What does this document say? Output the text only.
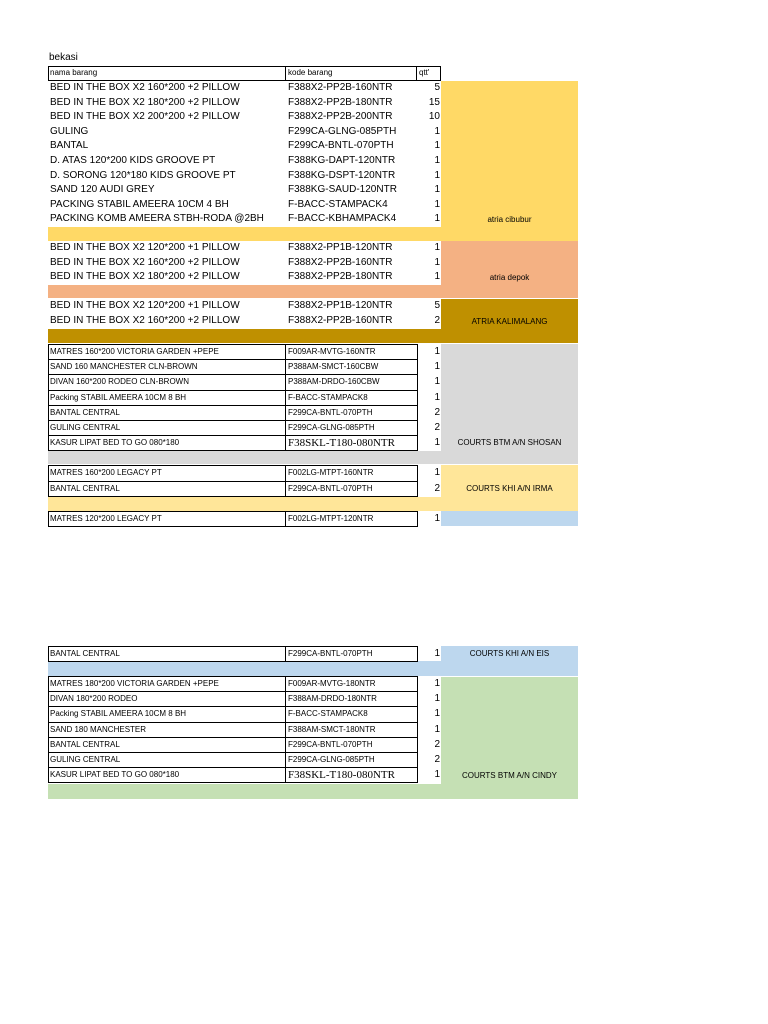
bekasi
nama barang	kode barang	qtt'
BED IN THE BOX X2 160*200 +2 PILLOW	F388X2-PP2B-160NTR	5
BED IN THE BOX X2 180*200 +2 PILLOW	F388X2-PP2B-180NTR	15
BED IN THE BOX X2 200*200 +2 PILLOW	F388X2-PP2B-200NTR	10
GULING	F299CA-GLNG-085PTH	1
BANTAL	F299CA-BNTL-070PTH	1
D. ATAS 120*200 KIDS GROOVE PT	F388KG-DAPT-120NTR	1
D. SORONG 120*180 KIDS GROOVE PT	F388KG-DSPT-120NTR	1
SAND 120 AUDI GREY	F388KG-SAUD-120NTR	1
PACKING STABIL AMEERA 10CM 4 BH	F-BACC-STAMPACK4	1
PACKING KOMB AMEERA STBH-RODA @2BH	F-BACC-KBHAMPACK4	1	atria cibubur
BED IN THE BOX X2 120*200 +1 PILLOW	F388X2-PP1B-120NTR	1
BED IN THE BOX X2 160*200 +2 PILLOW	F388X2-PP2B-160NTR	1
BED IN THE BOX X2 180*200 +2 PILLOW	F388X2-PP2B-180NTR	1	atria depok
BED IN THE BOX X2 120*200 +1 PILLOW	F388X2-PP1B-120NTR	5
BED IN THE BOX X2 160*200 +2 PILLOW	F388X2-PP2B-160NTR	2	ATRIA KALIMALANG
MATRES 160*200 VICTORIA GARDEN +PEPE	F009AR-MVTG-160NTR	1
SAND 160 MANCHESTER CLN-BROWN	P388AM-SMCT-160CBW	1
DIVAN 160*200 RODEO CLN-BROWN	P388AM-DRDO-160CBW	1
Packing STABIL AMEERA 10CM 8 BH	F-BACC-STAMPACK8	1
BANTAL CENTRAL	F299CA-BNTL-070PTH	2
GULING CENTRAL	F299CA-GLNG-085PTH	2
KASUR LIPAT BED TO GO 080*180	F38SKL-T180-080NTR	1	COURTS BTM A/N SHOSAN
MATRES 160*200 LEGACY PT	F002LG-MTPT-160NTR	1
BANTAL CENTRAL	F299CA-BNTL-070PTH	2	COURTS KHI A/N IRMA
MATRES 120*200 LEGACY PT	F002LG-MTPT-120NTR	1
BANTAL CENTRAL	F299CA-BNTL-070PTH	1	COURTS KHI A/N EIS
MATRES 180*200 VICTORIA GARDEN +PEPE	F009AR-MVTG-180NTR	1
DIVAN 180*200 RODEO	F388AM-DRDO-180NTR	1
Packing STABIL AMEERA 10CM 8 BH	F-BACC-STAMPACK8	1
SAND 180 MANCHESTER	F388AM-SMCT-180NTR	1
BANTAL CENTRAL	F299CA-BNTL-070PTH	2
GULING CENTRAL	F299CA-GLNG-085PTH	2
KASUR LIPAT BED TO GO 080*180	F38SKL-T180-080NTR	1	COURTS BTM A/N CINDY
